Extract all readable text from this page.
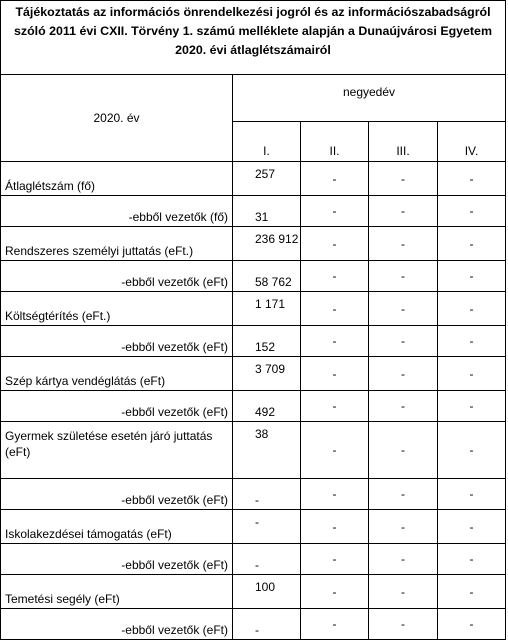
Tájékoztatás az információs önrendelkezési jogról és az információszabadságról
szóló 2011 évi CXII. Törvény 1. számú melléklete alapján a Dunaújvárosi Egyetem
2020. évi átlaglétszámairól				

2020. év	negyedév			
	I.	II.	III.	IV.
Átlaglétszám (fő)	257	-	-	-
-ebből vezetők (fő)	31	-	-	-
Rendszeres személyi juttatás (eFt.)	236 912	-	-	-
-ebből vezetők (eFt)	58 762	-	-	-
Költségtérítés (eFt.)	1 171	-	-	-
-ebből vezetők (eFt)	152	-	-	-
Szép kártya vendéglátás (eFt)	3 709	-	-	-
-ebből vezetők (eFt)	492	-	-	-
Gyermek születése esetén járó juttatás (eFt)	38	-	-	-
-ebből vezetők (eFt)	-	-	-	-
Iskolakezdései támogatás (eFt)	-	-	-	-
-ebből vezetők (eFt)	-	-	-	-
Temetési segély (eFt)	100	-	-	-
-ebből vezetők (eFt)	-	-	-	-
